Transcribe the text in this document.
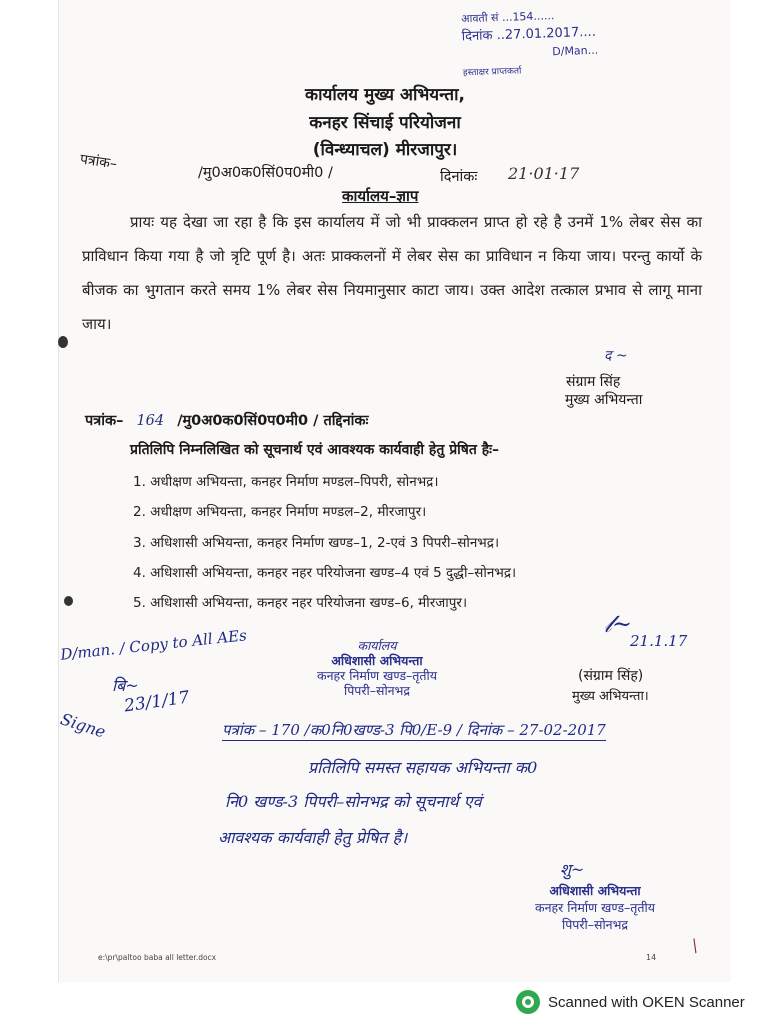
आवती सं ...154......
दिनांक ..27.01.2017....
D/Man...
हस्ताक्षर प्राप्तकर्ता
कार्यालय मुख्य अभियन्ता,
कनहर सिंचाई परियोजना
(विन्ध्याचल) मीरजापुर।
पत्रांक–
/मु0अ0क0सिं0प0मी0 /	दिनांकः 21·01·17
कार्यालय–ज्ञाप
प्रायः यह देखा जा रहा है कि इस कार्यालय में जो भी प्राक्कलन प्राप्त हो रहे है उनमें 1% लेबर सेस का प्राविधान किया गया है जो त्रृटि पूर्ण है। अतः प्राक्कलनों में लेबर सेस का प्राविधान न किया जाय। परन्तु कार्यो के बीजक का भुगतान करते समय 1% लेबर सेस नियमानुसार काटा जाय। उक्त आदेश तत्काल प्रभाव से लागू माना जाय।
द ~
संग्राम सिंह
मुख्य अभियन्ता
पत्रांक– 164 /मु0अ0क0सिं0प0मी0 / तद्दिनांकः
प्रतिलिपि निम्नलिखित को सूचनार्थ एवं आवश्यक कार्यवाही हेतु प्रेषित हैः–
1. अधीक्षण अभियन्ता, कनहर निर्माण मण्डल–पिपरी, सोनभद्र।
2. अधीक्षण अभियन्ता, कनहर निर्माण मण्डल–2, मीरजापुर।
3. अधिशासी अभियन्ता, कनहर निर्माण खण्ड–1, 2-एवं 3 पिपरी–सोनभद्र।
4. अधिशासी अभियन्ता, कनहर नहर परियोजना खण्ड–4 एवं 5 दुद्धी–सोनभद्र।
5. अधिशासी अभियन्ता, कनहर नहर परियोजना खण्ड–6, मीरजापुर।
D/man. / Copy to All AEs
23/1/17
Signe
बि~
कार्यालय
अधिशासी अभियन्ता
कनहर निर्माण खण्ड–तृतीय
पिपरी–सोनभद्र
21.1.17
𝓁~
(संग्राम सिंह)
मुख्य अभियन्ता।
पत्रांक – 170 /क0नि0खण्ड-3 पि0/E-9 / दिनांक – 27-02-2017
प्रतिलिपि समस्त सहायक अभियन्ता क0
नि0 खण्ड-3 पिपरी–सोनभद्र को सूचनार्थ एवं
आवश्यक कार्यवाही हेतु प्रेषित है।
शु~
अधिशासी अभियन्ता
कनहर निर्माण खण्ड–तृतीय
पिपरी–सोनभद्र
/
e:\pr\paltoo baba all letter.docx	14
Scanned with OKEN Scanner
